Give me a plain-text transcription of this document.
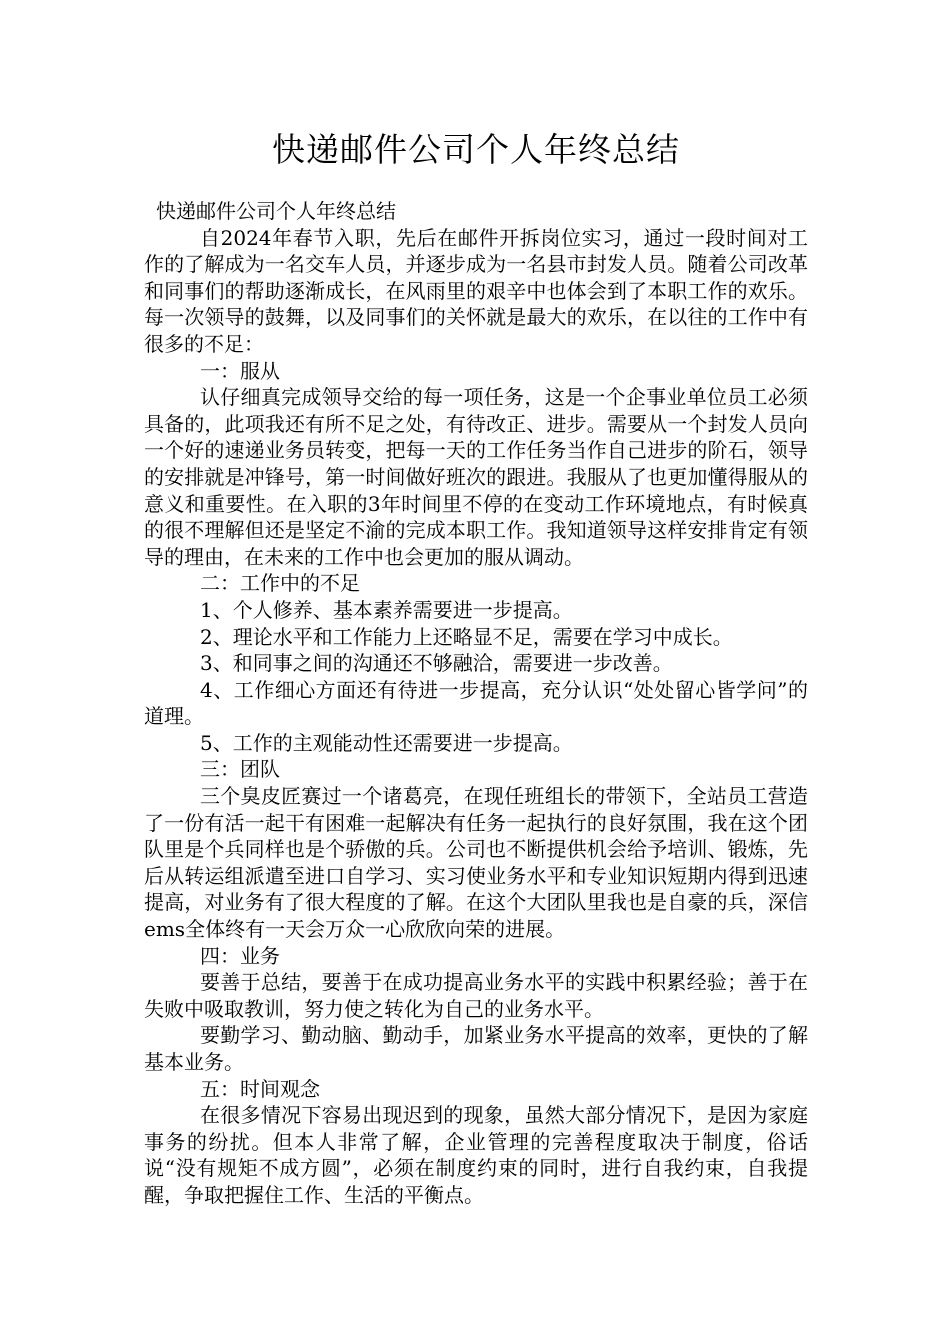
快递邮件公司个人年终总结

快递邮件公司个人年终总结

自2024年春节入职，先后在邮件开拆岗位实习，通过一段时间对工作的了解成为一名交车人员，并逐步成为一名县市封发人员。随着公司改革和同事们的帮助逐渐成长，在风雨里的艰辛中也体会到了本职工作的欢乐。每一次领导的鼓舞，以及同事们的关怀就是最大的欢乐，在以往的工作中有很多的不足：

一：服从

认仔细真完成领导交给的每一项任务，这是一个企事业单位员工必须具备的，此项我还有所不足之处，有待改正、进步。需要从一个封发人员向一个好的速递业务员转变，把每一天的工作任务当作自己进步的阶石，领导的安排就是冲锋号，第一时间做好班次的跟进。我服从了也更加懂得服从的意义和重要性。在入职的3年时间里不停的在变动工作环境地点，有时候真的很不理解但还是坚定不渝的完成本职工作。我知道领导这样安排肯定有领导的理由，在未来的工作中也会更加的服从调动。

二：工作中的不足

1、个人修养、基本素养需要进一步提高。

2、理论水平和工作能力上还略显不足，需要在学习中成长。

3、和同事之间的沟通还不够融洽，需要进一步改善。

4、工作细心方面还有待进一步提高，充分认识“处处留心皆学问”的道理。

5、工作的主观能动性还需要进一步提高。

三：团队

三个臭皮匠赛过一个诸葛亮，在现任班组长的带领下，全站员工营造了一份有活一起干有困难一起解决有任务一起执行的良好氛围，我在这个团队里是个兵同样也是个骄傲的兵。公司也不断提供机会给予培训、锻炼，先后从转运组派遣至进口自学习、实习使业务水平和专业知识短期内得到迅速提高，对业务有了很大程度的了解。在这个大团队里我也是自豪的兵，深信ems全体终有一天会万众一心欣欣向荣的进展。

四：业务

要善于总结，要善于在成功提高业务水平的实践中积累经验；善于在失败中吸取教训，努力使之转化为自己的业务水平。

要勤学习、勤动脑、勤动手，加紧业务水平提高的效率，更快的了解基本业务。

五：时间观念

在很多情况下容易出现迟到的现象，虽然大部分情况下，是因为家庭事务的纷扰。但本人非常了解，企业管理的完善程度取决于制度，俗话说“没有规矩不成方圆”，必须在制度约束的同时，进行自我约束，自我提醒，争取把握住工作、生活的平衡点。
